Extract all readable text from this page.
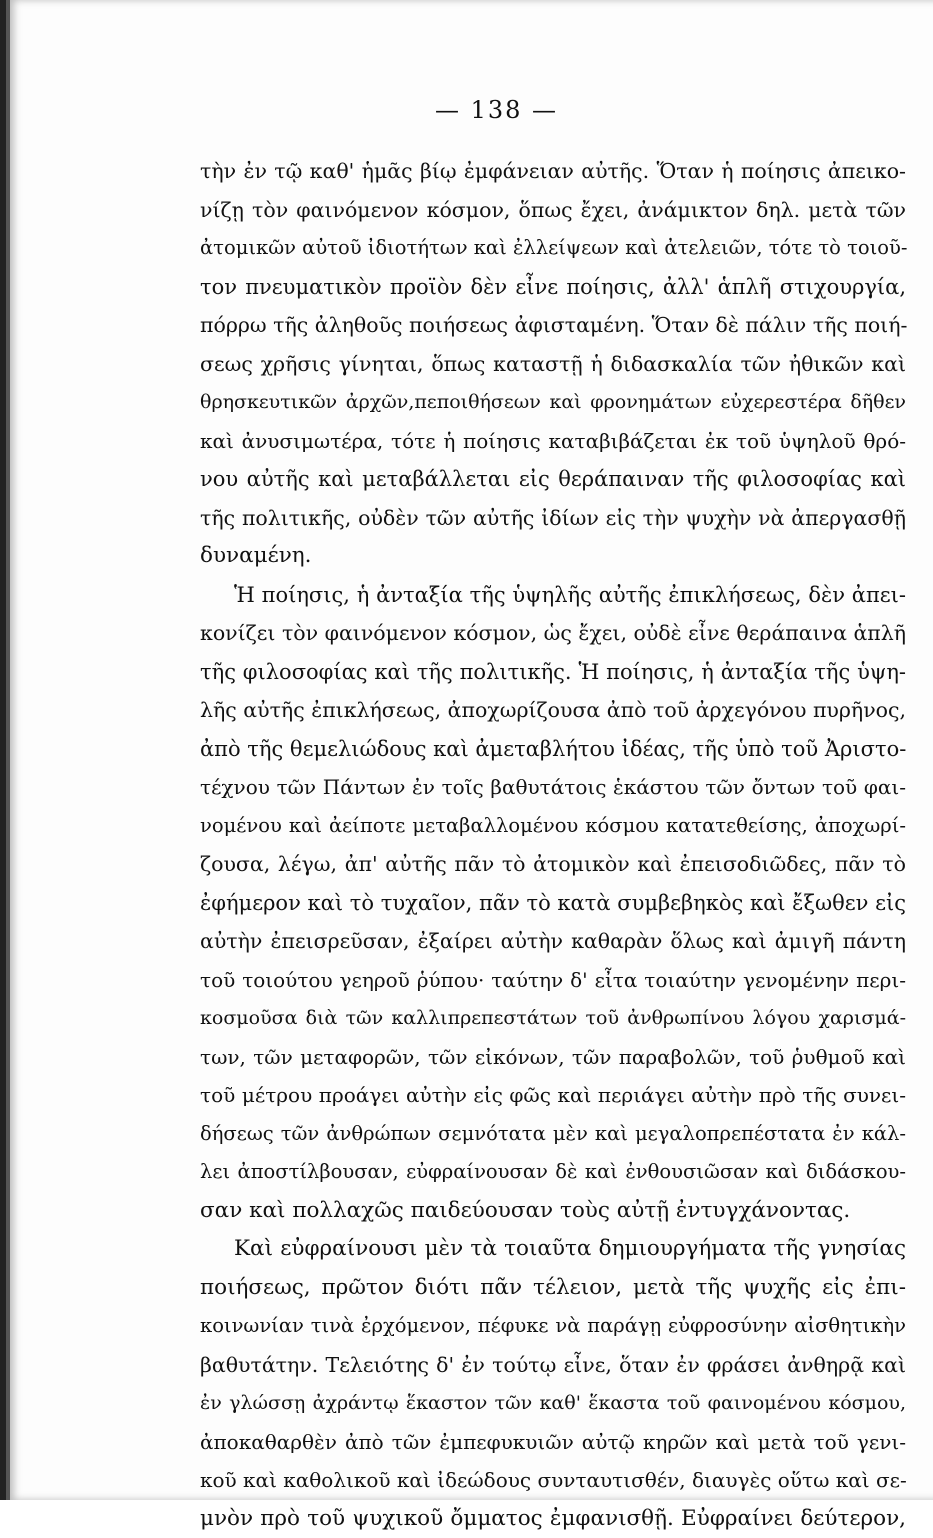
— 138 —
τὴν ἐν τῷ καθ' ἡμᾶς βίῳ ἐμφάνειαν αὐτῆς. Ὅταν ἡ ποίησις ἀπεικο-
νίζῃ τὸν φαινόμενον κόσμον, ὅπως ἔχει, ἀνάμικτον δηλ. μετὰ τῶν
ἀτομικῶν αὐτοῦ ἰδιοτήτων καὶ ἐλλείψεων καὶ ἀτελειῶν, τότε τὸ τοιοῦ-
τον πνευματικὸν προϊὸν δὲν εἶνε ποίησις, ἀλλ' ἁπλῆ στιχουργία,
πόρρω τῆς ἀληθοῦς ποιήσεως ἀφισταμένη. Ὅταν δὲ πάλιν τῆς ποιή-
σεως χρῆσις γίνηται, ὅπως καταστῇ ἡ διδασκαλία τῶν ἠθικῶν καὶ
θρησκευτικῶν ἀρχῶν,πεποιθήσεων καὶ φρονημάτων εὐχερεστέρα δῆθεν
καὶ ἀνυσιμωτέρα, τότε ἡ ποίησις καταβιβάζεται ἐκ τοῦ ὑψηλοῦ θρό-
νου αὐτῆς καὶ μεταβάλλεται εἰς θεράπαιναν τῆς φιλοσοφίας καὶ
τῆς πολιτικῆς, οὐδὲν τῶν αὐτῆς ἰδίων εἰς τὴν ψυχὴν νὰ ἀπεργασθῇ
δυναμένη.
Ἡ ποίησις, ἡ ἀνταξία τῆς ὑψηλῆς αὐτῆς ἐπικλήσεως, δὲν ἀπει-
κονίζει τὸν φαινόμενον κόσμον, ὡς ἔχει, οὐδὲ εἶνε θεράπαινα ἁπλῆ
τῆς φιλοσοφίας καὶ τῆς πολιτικῆς. Ἡ ποίησις, ἡ ἀνταξία τῆς ὑψη-
λῆς αὐτῆς ἐπικλήσεως, ἀποχωρίζουσα ἀπὸ τοῦ ἀρχεγόνου πυρῆνος,
ἀπὸ τῆς θεμελιώδους καὶ ἀμεταβλήτου ἰδέας, τῆς ὑπὸ τοῦ Ἀριστο-
τέχνου τῶν Πάντων ἐν τοῖς βαθυτάτοις ἑκάστου τῶν ὄντων τοῦ φαι-
νομένου καὶ ἀείποτε μεταβαλλομένου κόσμου κατατεθείσης, ἀποχωρί-
ζουσα, λέγω, ἀπ' αὐτῆς πᾶν τὸ ἀτομικὸν καὶ ἐπεισοδιῶδες, πᾶν τὸ
ἐφήμερον καὶ τὸ τυχαῖον, πᾶν τὸ κατὰ συμβεβηκὸς καὶ ἔξωθεν εἰς
αὐτὴν ἐπεισρεῦσαν, ἐξαίρει αὐτὴν καθαρὰν ὅλως καὶ ἀμιγῆ πάντη
τοῦ τοιούτου γεηροῦ ῥύπου· ταύτην δ' εἶτα τοιαύτην γενομένην περι-
κοσμοῦσα διὰ τῶν καλλιπρεπεστάτων τοῦ ἀνθρωπίνου λόγου χαρισμά-
των, τῶν μεταφορῶν, τῶν εἰκόνων, τῶν παραβολῶν, τοῦ ῥυθμοῦ καὶ
τοῦ μέτρου προάγει αὐτὴν εἰς φῶς καὶ περιάγει αὐτὴν πρὸ τῆς συνει-
δήσεως τῶν ἀνθρώπων σεμνότατα μὲν καὶ μεγαλοπρεπέστατα ἐν κάλ-
λει ἀποστίλβουσαν, εὐφραίνουσαν δὲ καὶ ἐνθουσιῶσαν καὶ διδάσκου-
σαν καὶ πολλαχῶς παιδεύουσαν τοὺς αὐτῇ ἐντυγχάνοντας.
Καὶ εὐφραίνουσι μὲν τὰ τοιαῦτα δημιουργήματα τῆς γνησίας
ποιήσεως, πρῶτον διότι πᾶν τέλειον, μετὰ τῆς ψυχῆς εἰς ἐπι-
κοινωνίαν τινὰ ἐρχόμενον, πέφυκε νὰ παράγῃ εὐφροσύνην αἰσθητικὴν
βαθυτάτην. Τελειότης δ' ἐν τούτῳ εἶνε, ὅταν ἐν φράσει ἀνθηρᾷ καὶ
ἐν γλώσσῃ ἀχράντῳ ἕκαστον τῶν καθ' ἕκαστα τοῦ φαινομένου κόσμου,
ἀποκαθαρθὲν ἀπὸ τῶν ἐμπεφυκυιῶν αὐτῷ κηρῶν καὶ μετὰ τοῦ γενι-
κοῦ καὶ καθολικοῦ καὶ ἰδεώδους συνταυτισθέν, διαυγὲς οὕτω καὶ σε-
μνὸν πρὸ τοῦ ψυχικοῦ ὄμματος ἐμφανισθῇ. Εὐφραίνει δεύτερον,
